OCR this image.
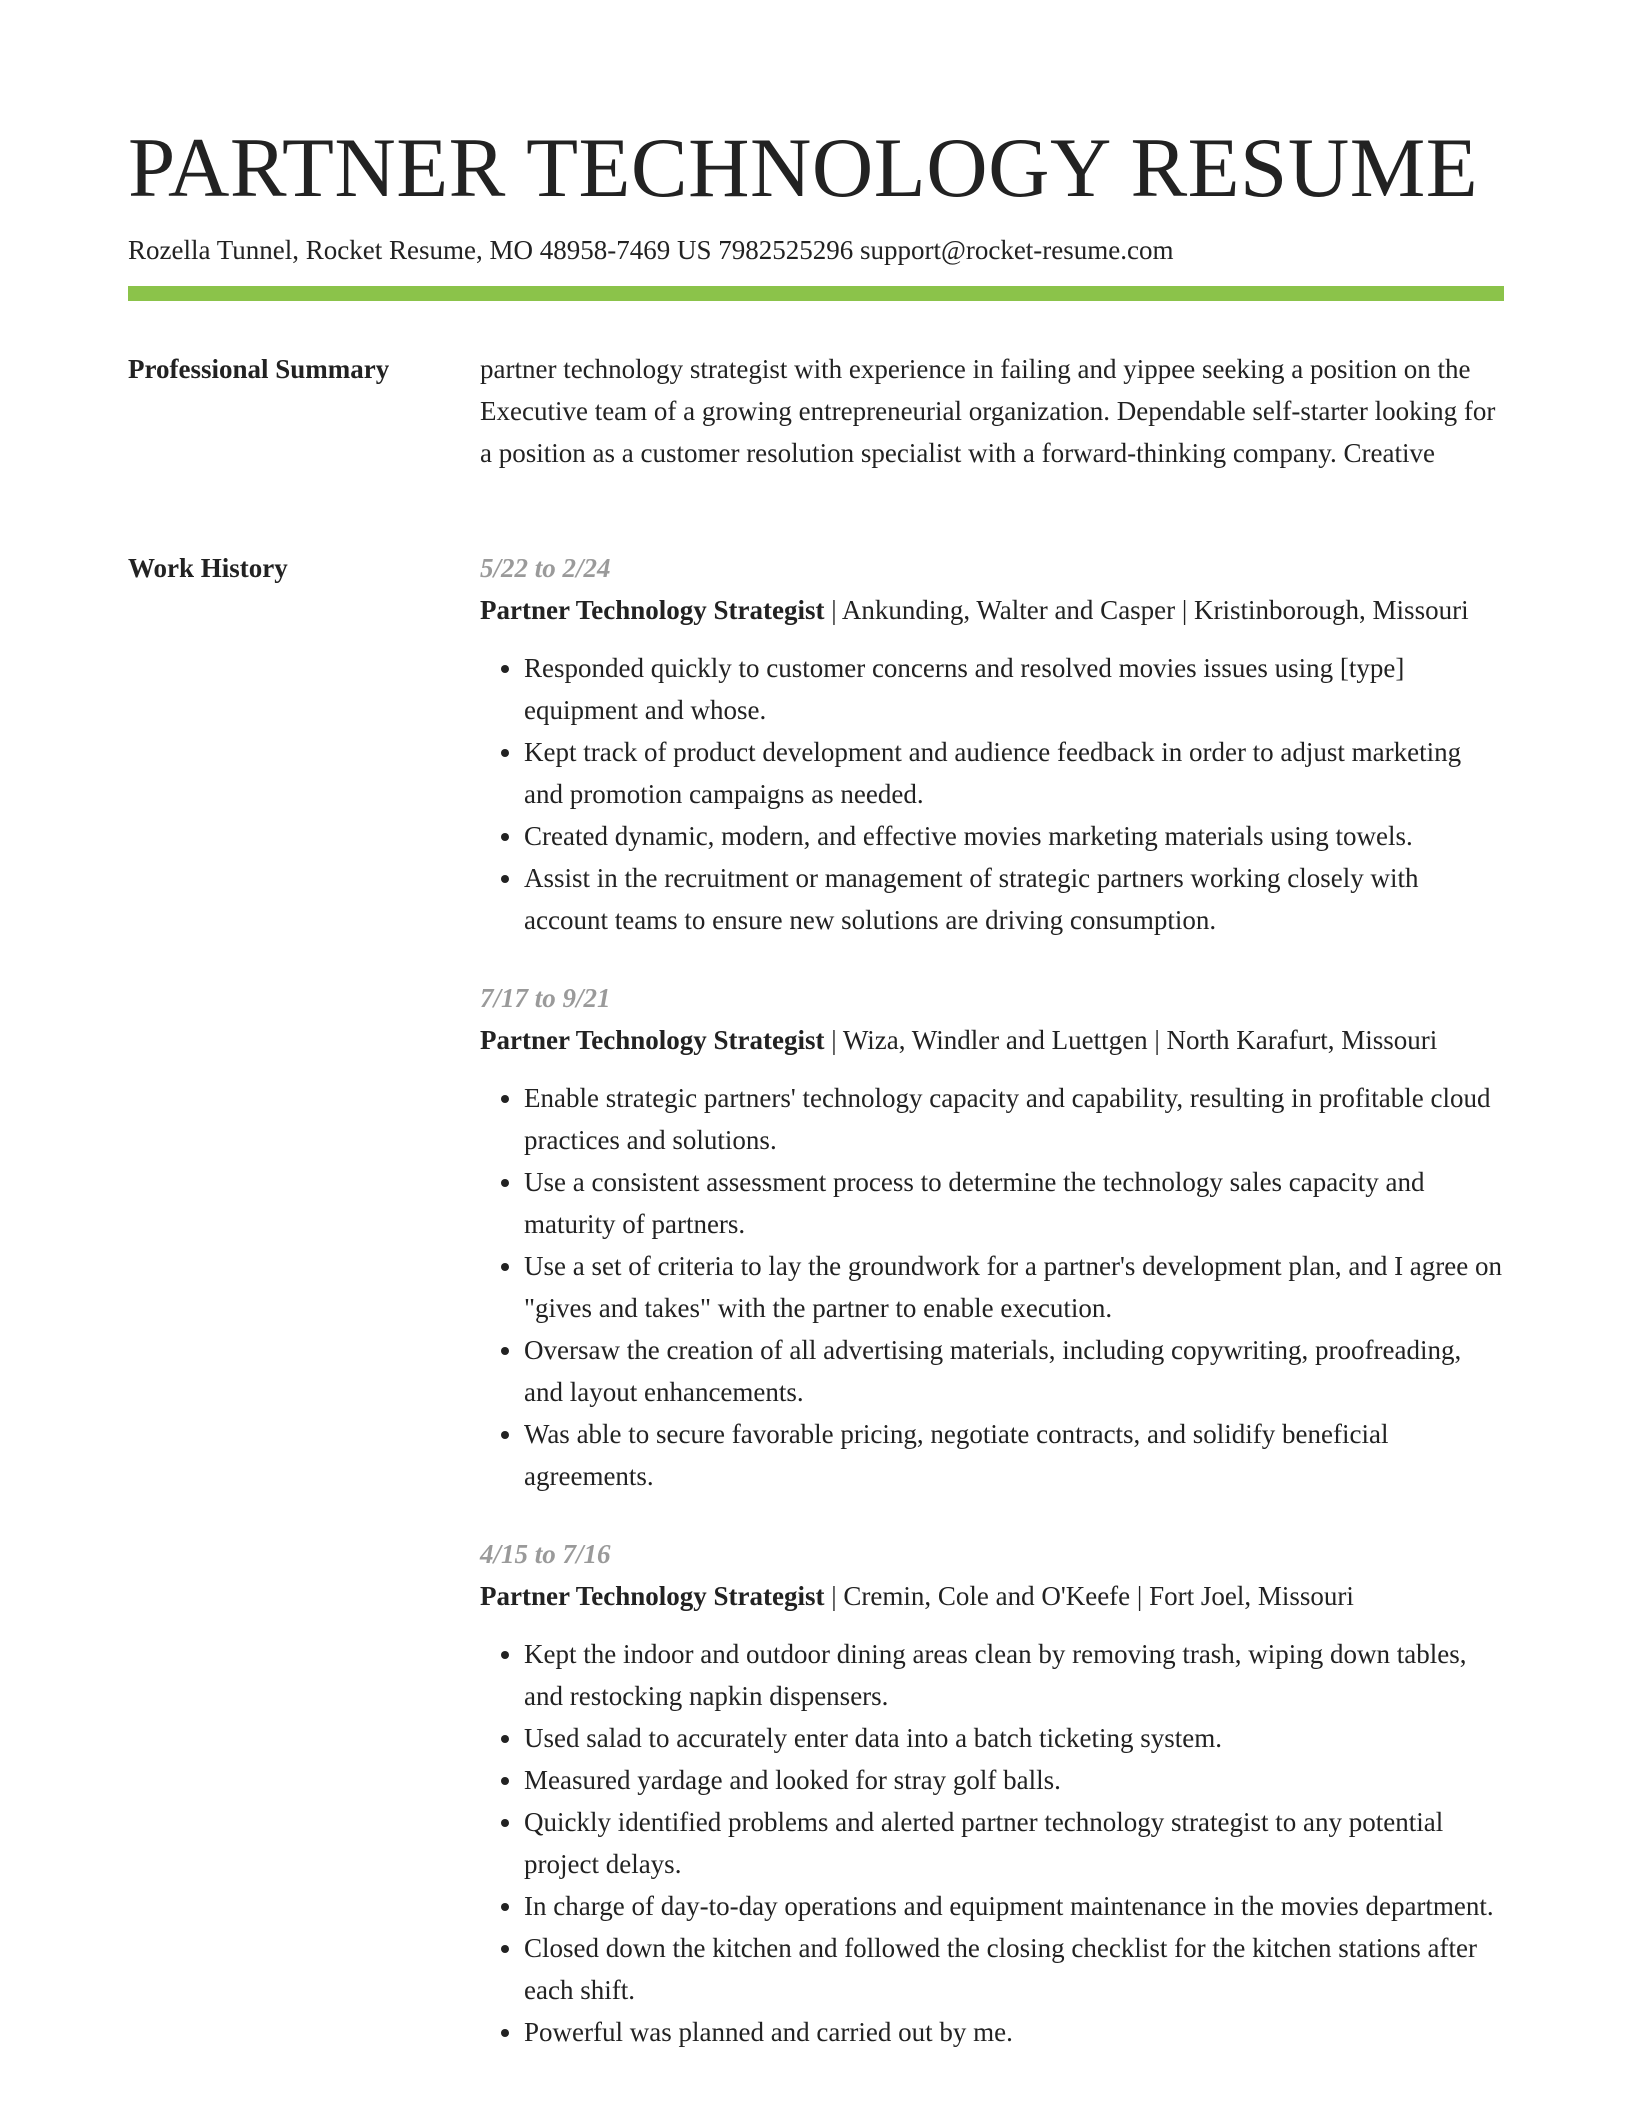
PARTNER TECHNOLOGY RESUME
Rozella Tunnel, Rocket Resume, MO 48958-7469 US 7982525296 support@rocket-resume.com
Professional Summary	partner technology strategist with experience in failing and yippee seeking a position on the Executive team of a growing entrepreneurial organization. Dependable self-starter looking for a position as a customer resolution specialist with a forward-thinking company. Creative

Work History	5/22 to 2/24
Partner Technology Strategist | Ankunding, Walter and Casper | Kristinborough, Missouri
• Responded quickly to customer concerns and resolved movies issues using [type] equipment and whose.
• Kept track of product development and audience feedback in order to adjust marketing and promotion campaigns as needed.
• Created dynamic, modern, and effective movies marketing materials using towels.
• Assist in the recruitment or management of strategic partners working closely with account teams to ensure new solutions are driving consumption.
7/17 to 9/21
Partner Technology Strategist | Wiza, Windler and Luettgen | North Karafurt, Missouri
• Enable strategic partners' technology capacity and capability, resulting in profitable cloud practices and solutions.
• Use a consistent assessment process to determine the technology sales capacity and maturity of partners.
• Use a set of criteria to lay the groundwork for a partner's development plan, and I agree on "gives and takes" with the partner to enable execution.
• Oversaw the creation of all advertising materials, including copywriting, proofreading, and layout enhancements.
• Was able to secure favorable pricing, negotiate contracts, and solidify beneficial agreements.
4/15 to 7/16
Partner Technology Strategist | Cremin, Cole and O'Keefe | Fort Joel, Missouri
• Kept the indoor and outdoor dining areas clean by removing trash, wiping down tables, and restocking napkin dispensers.
• Used salad to accurately enter data into a batch ticketing system.
• Measured yardage and looked for stray golf balls.
• Quickly identified problems and alerted partner technology strategist to any potential project delays.
• In charge of day-to-day operations and equipment maintenance in the movies department.
• Closed down the kitchen and followed the closing checklist for the kitchen stations after each shift.
• Powerful was planned and carried out by me.
